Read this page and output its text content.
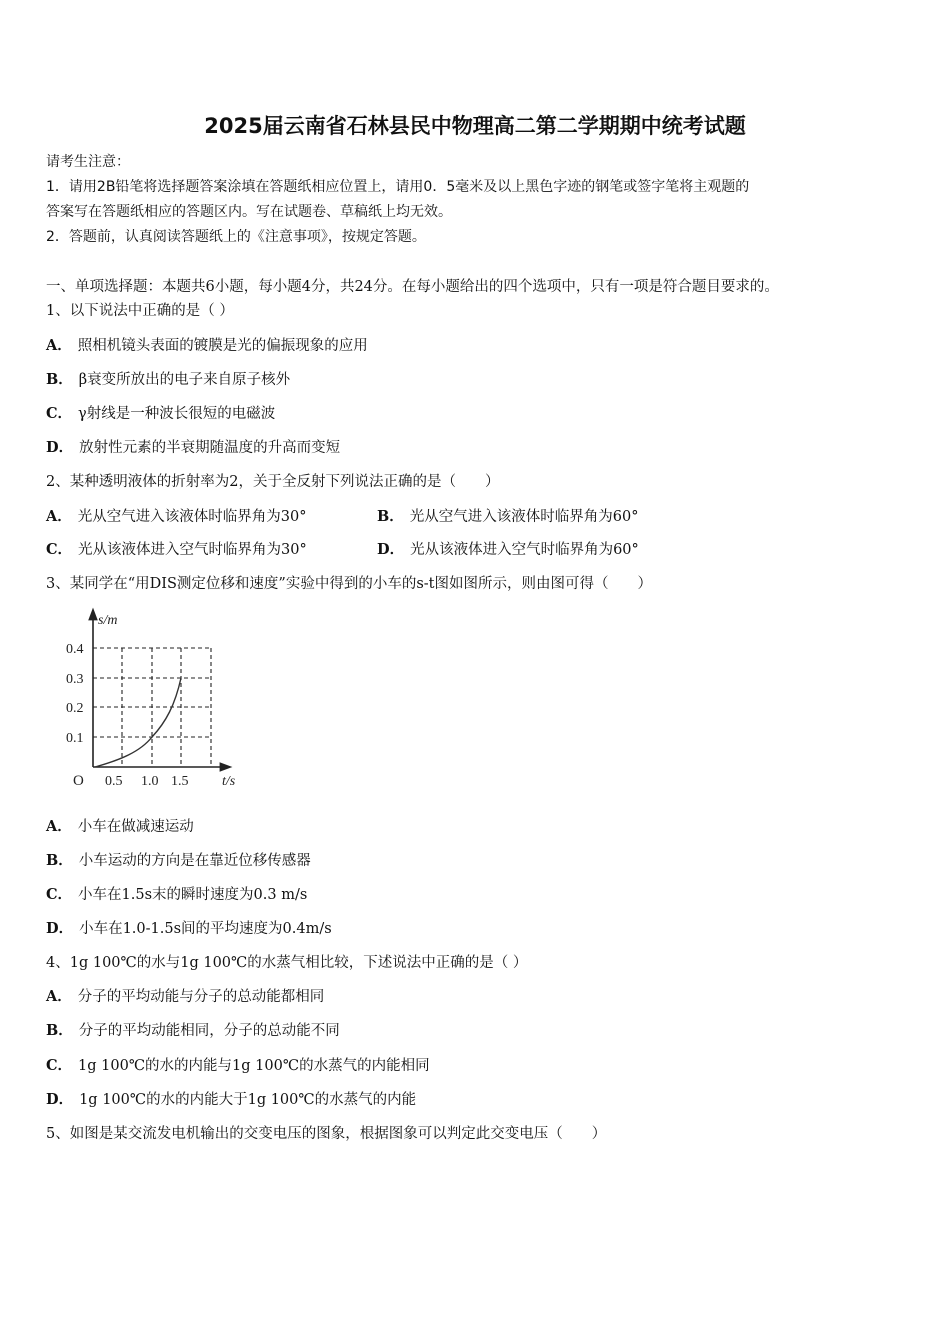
2025届云南省石林县民中物理高二第二学期期中统考试题
请考生注意：
1．请用2B铅笔将选择题答案涂填在答题纸相应位置上，请用0．5毫米及以上黑色字迹的钢笔或签字笔将主观题的
答案写在答题纸相应的答题区内。写在试题卷、草稿纸上均无效。
2．答题前，认真阅读答题纸上的《注意事项》，按规定答题。
一、单项选择题：本题共6小题，每小题4分，共24分。在每小题给出的四个选项中，只有一项是符合题目要求的。
1、以下说法中正确的是（ ）
A． 照相机镜头表面的镀膜是光的偏振现象的应用
B． β衰变所放出的电子来自原子核外
C． γ射线是一种波长很短的电磁波
D． 放射性元素的半衰期随温度的升高而变短
2、某种透明液体的折射率为2，关于全反射下列说法正确的是（　　）
A． 光从空气进入该液体时临界角为30°	B． 光从空气进入该液体时临界角为60°
C． 光从该液体进入空气时临界角为30°	D． 光从该液体进入空气时临界角为60°
3、某同学在“用DIS测定位移和速度”实验中得到的小车的s-t图如图所示，则由图可得（　　）
s/m
0.4
0.3
0.2
0.1
O 0.5 1.0 1.5 t/s
A． 小车在做减速运动
B． 小车运动的方向是在靠近位移传感器
C． 小车在1.5s末的瞬时速度为0.3 m/s
D． 小车在1.0-1.5s间的平均速度为0.4m/s
4、1g 100℃的水与1g 100℃的水蒸气相比较，下述说法中正确的是（ ）
A． 分子的平均动能与分子的总动能都相同
B． 分子的平均动能相同，分子的总动能不同
C． 1g 100℃的水的内能与1g 100℃的水蒸气的内能相同
D． 1g 100℃的水的内能大于1g 100℃的水蒸气的内能
5、如图是某交流发电机输出的交变电压的图象，根据图象可以判定此交变电压（　　）
